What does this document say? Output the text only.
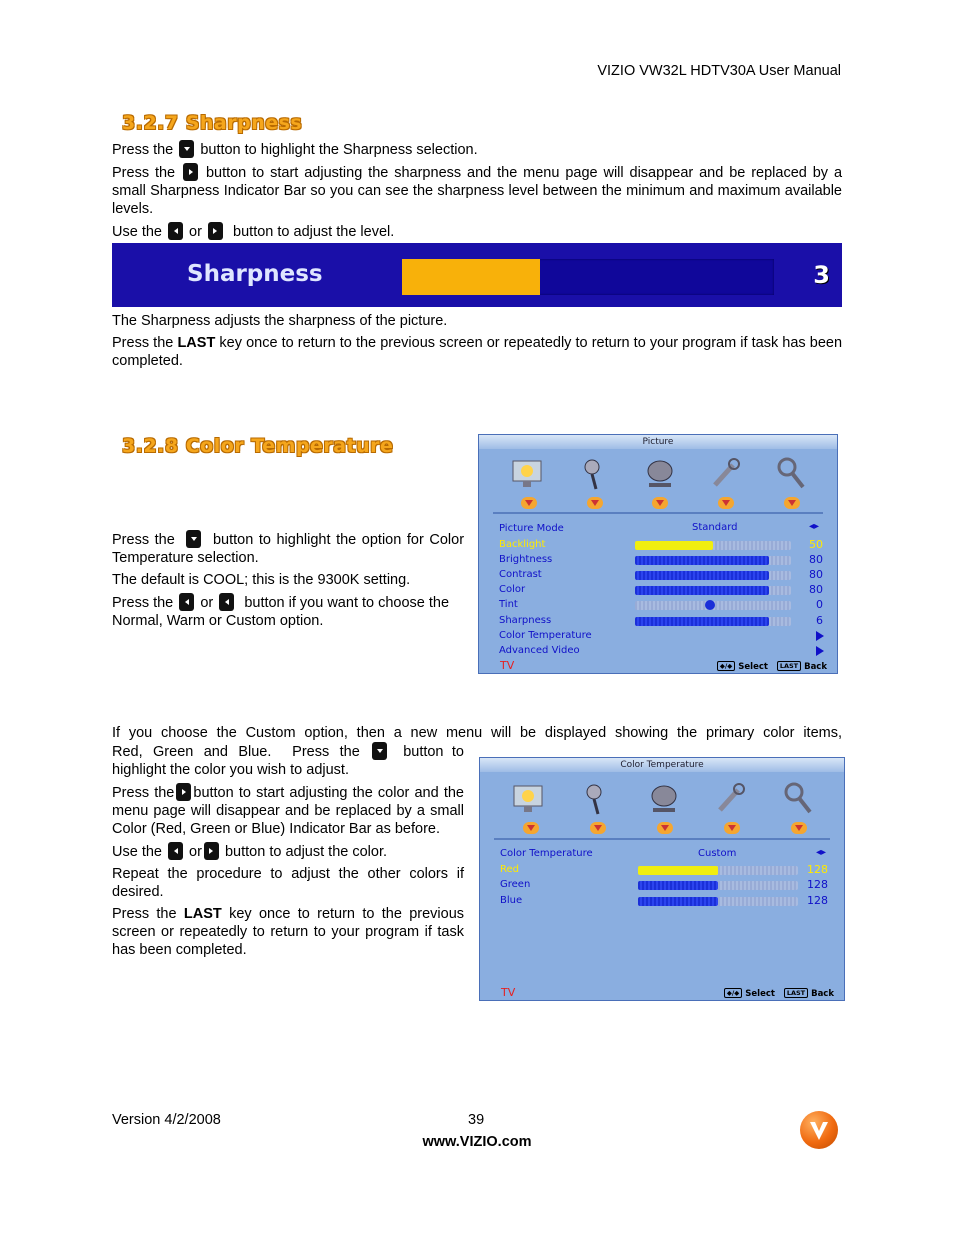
VIZIO VW32L HDTV30A User Manual
3.2.7 Sharpness

Press the button to highlight the Sharpness selection.

Press the button to start adjusting the sharpness and the menu page will disappear and be replaced by a small Sharpness Indicator Bar so you can see the sharpness level between the minimum and maximum available levels.

Use the or button to adjust the level.

Sharpness	3

The Sharpness adjusts the sharpness of the picture.

Press the LAST key once to return to the previous screen or repeatedly to return to your program if task has been completed.

3.2.8 Color Temperature

Press the	button to highlight the option for Color Temperature selection.

The default is COOL; this is the 9300K setting.

Press the or button if you want to choose the Normal, Warm or Custom option.

Picture
Picture Mode	Standard	◂▸
Backlight	50
Brightness	80
Contrast	80
Color	80
Tint	0
Sharpness	6
Color Temperature
Advanced Video
TV	◆/◆ Select LAST Back

If you choose the Custom option, then a new menu will be displayed showing the primary color items,

Red, Green and Blue.  Press the	button to highlight the color you wish to adjust.

Press the button to start adjusting the color and the menu page will disappear and be replaced by a small Color (Red, Green or Blue) Indicator Bar as before.

Use the or button to adjust the color.

Repeat the procedure to adjust the other colors if desired.

Press the LAST key once to return to the previous screen or repeatedly to return to your program if task has been completed.

Color Temperature
Color Temperature	Custom	◂▸
Red	128
Green	128
Blue	128
TV	◆/◆ Select LAST Back
Version 4/2/2008	39
www.VIZIO.com
